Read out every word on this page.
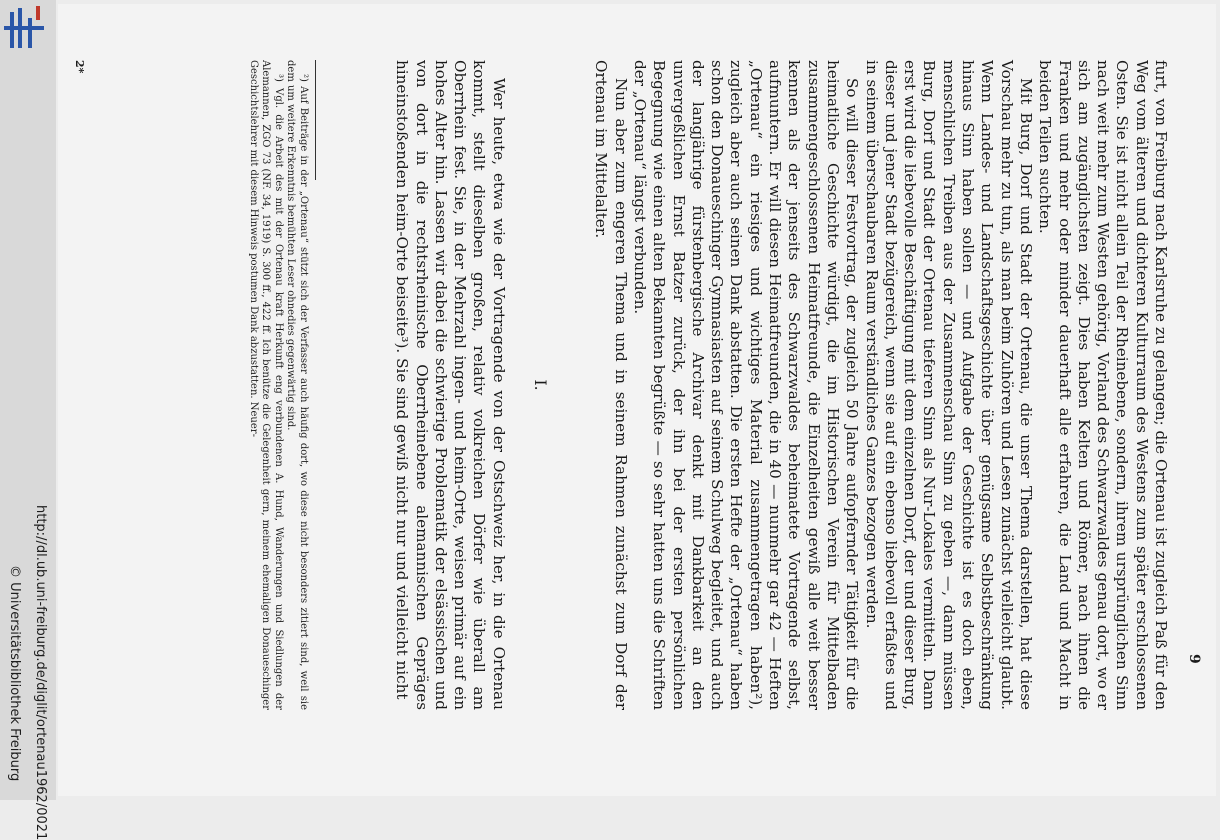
http://dl.ub.uni-freiburg.de/diglit/ortenau1962/0021
© Universitätsbibliothek Freiburg	9

furt, von Freiburg nach Karlsruhe zu gelangen; die Ortenau ist zugleich Paß für den Weg vom älteren und dichteren Kulturraum des Westens zum später erschlossenen Osten. Sie ist nicht allein Teil der Rheinebene, sondern, ihrem ursprünglichen Sinn nach weit mehr zum Westen gehörig, Vorland des Schwarzwaldes genau dort, wo er sich am zugänglichsten zeigt. Dies haben Kelten und Römer, nach ihnen die Franken und mehr oder minder dauerhaft alle erfahren, die Land und Macht in beiden Teilen suchten.

Mit Burg, Dorf und Stadt der Ortenau, die unser Thema darstellen, hat diese Vorschau mehr zu tun, als man beim Zuhören und Lesen zunächst vielleicht glaubt. Wenn Landes- und Landschaftsgeschichte über genügsame Selbstbeschränkung hinaus Sinn haben sollen — und Aufgabe der Geschichte ist es doch eben, menschlichen Treiben aus der Zusammenschau Sinn zu geben —, dann müssen Burg, Dorf und Stadt der Ortenau tieferen Sinn als Nur-Lokales vermitteln. Dann erst wird die liebevolle Beschäftigung mit dem einzelnen Dorf, der und dieser Burg, dieser und jener Stadt bezügereich, wenn sie auf ein ebenso liebevoll erfaßtes und in seinem überschaubaren Raum verständliches Ganzes bezogen werden.

So will dieser Festvortrag, der zugleich 50 Jahre aufopfernder Tätigkeit für die heimatliche Geschichte würdigt, die im Historischen Verein für Mittelbaden zusammengeschlossenen Heimatfreunde, die Einzelheiten gewiß alle weit besser kennen als der jenseits des Schwarzwaldes beheimatete Vortragende selbst, aufmuntern. Er will diesen Heimatfreunden, die in 40 — nunmehr gar 42 — Heften „Ortenau“ ein riesiges und wichtiges Material zusammengetragen haben²), zugleich aber auch seinen Dank abstatten. Die ersten Hefte der „Ortenau“ haben schon den Donaueschinger Gymnasiasten auf seinem Schulweg begleitet, und auch der langjährige fürstenbergische Archivar denkt mit Dankbarkeit an den unvergeßlichen Ernst Batzer zurück, der ihn bei der ersten persönlichen Begegnung wie einen alten Bekannten begrüßte — so sehr hatten uns die Schriften der „Ortenau“ längst verbunden.

Nun aber zum engeren Thema und in seinem Rahmen zunächst zum Dorf der Ortenau im Mittelalter.

I.

Wer heute, etwa wie der Vortragende von der Ostschweiz her, in die Ortenau kommt, stellt dieselben großen, relativ volkreichen Dörfer wie überall am Oberrhein fest. Sie, in der Mehrzahl ingen- und heim-Orte, weisen primär auf ein hohes Alter hin. Lassen wir dabei die schwierige Problematik der elsässischen und von dort in die rechtsrheinische Oberrheinebene alemannischen Gepräges hineinstoßenden heim-Orte beiseite³). Sie sind gewiß nicht nur und vielleicht nicht

²) Auf Beiträge in der „Ortenau“ stützt sich der Verfasser auch häufig dort, wo diese nicht besonders zitiert sind, weil sie dem um weitere Erkenntnis bemühten Leser ohnedies gegenwärtig sind.

³) Vgl. die Arbeit des mit der Ortenau kraft Herkunft eng verbundenen A. Hund, Wanderungen und Siedlungen der Alemannen, ZGO 73 (NF. 34, 1919) S. 300 ff., 422 ff. Ich benütze die Gelegenheit gern, meinem ehemaligen Donaueschinger Geschichtslehrer mit diesem Hinweis postumen Dank abzustatten. Neuer-

2*
